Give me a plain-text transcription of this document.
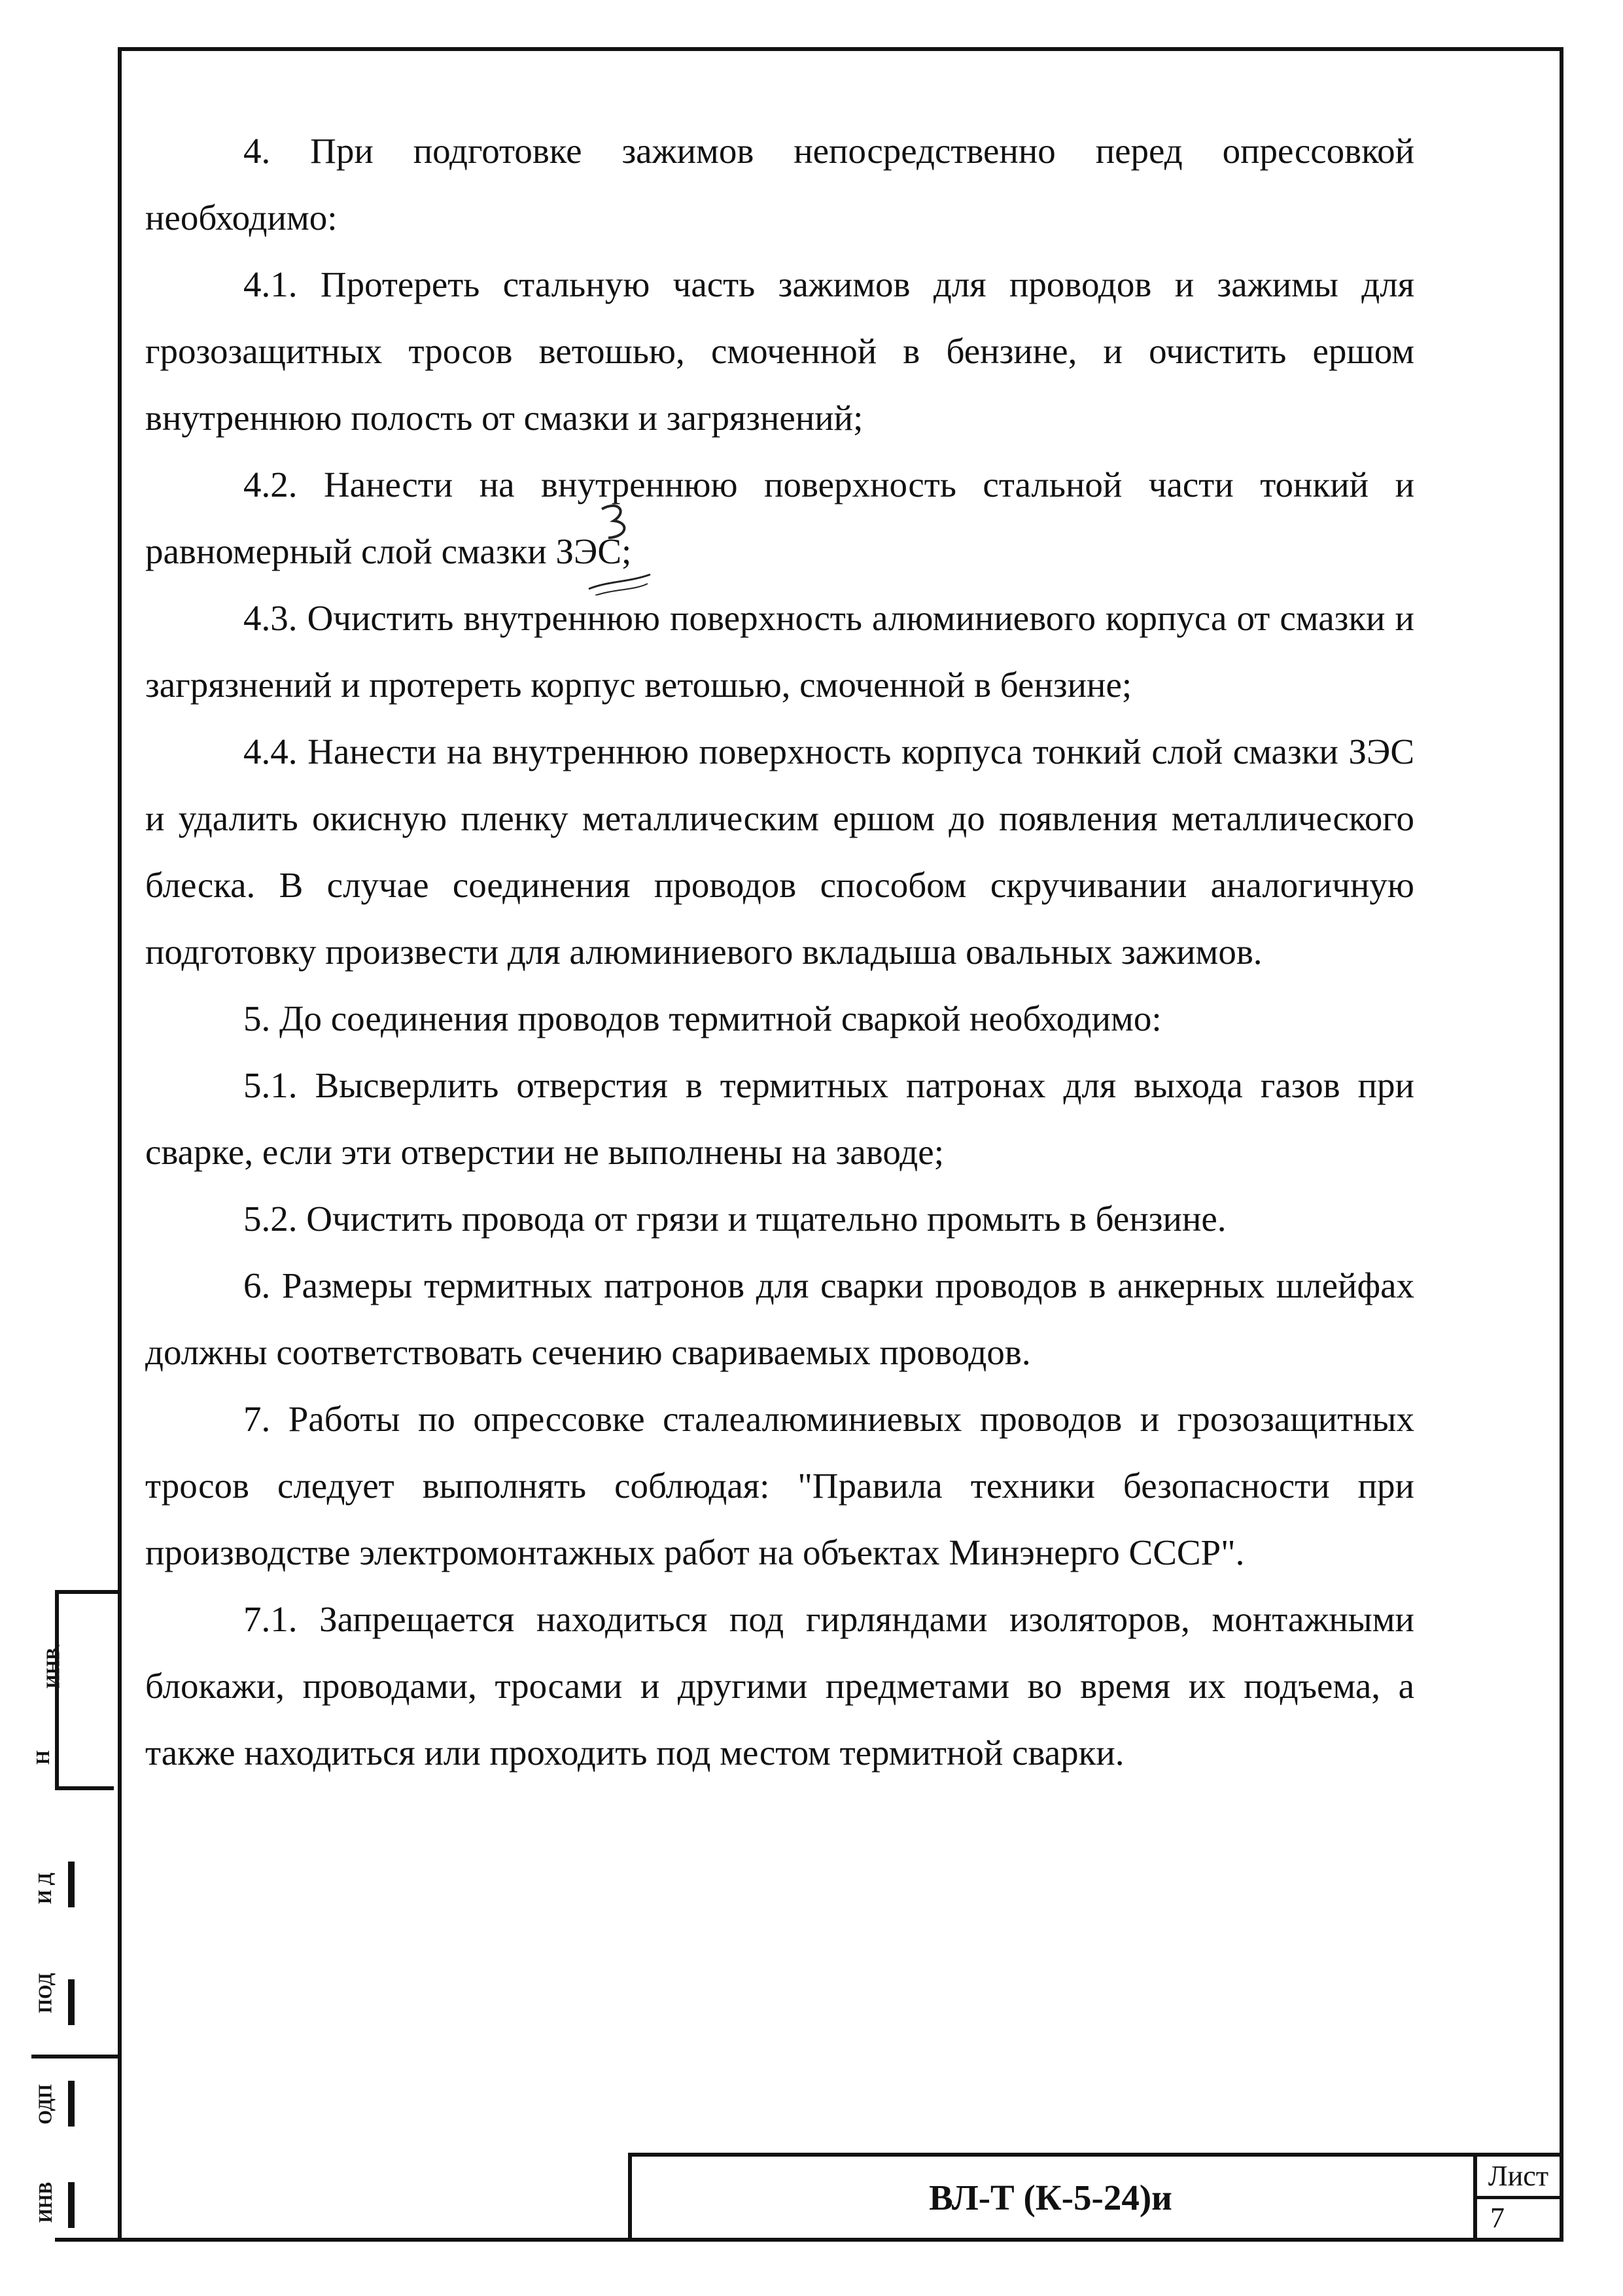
4. При подготовке зажимов непосредственно перед опрессовкой необходимо:

4.1. Протереть стальную часть зажимов для проводов и зажимы для грозозащитных тросов ветошью, смоченной в бензине, и очистить ершом внутреннюю полость от смазки и загрязнений;

4.2. Нанести на внутреннюю поверхность стальной части тонкий и равномерный слой смазки ЗЭС;

4.3. Очистить внутреннюю поверхность алюминиевого корпуса от смазки и загрязнений и протереть корпус ветошью, смоченной в бензине;

4.4. Нанести на внутреннюю поверхность корпуса тонкий слой смазки ЗЭС и удалить окисную пленку металлическим ершом до появления металлического блеска. В случае соединения проводов способом скручивании аналогичную подготовку произвести для алюминиевого вкладыша овальных зажимов.

5. До соединения проводов термитной сваркой необходимо:

5.1. Высверлить отверстия в термитных патронах для выхода газов при сварке, если эти отверстии не выполнены на заводе;

5.2. Очистить провода от грязи и тщательно промыть в бензине.

6. Размеры термитных патронов для сварки проводов в анкерных шлейфах должны соответствовать сечению свариваемых проводов.

7. Работы по опрессовке сталеалюминиевых проводов и грозозащитных тросов следует выполнять соблюдая: "Правила техники безопасности при производстве электромонтажных работ на объектах Минэнерго СССР".

7.1. Запрещается находиться под гирляндами изоляторов, монтажными блокажи, проводами, тросами и другими предметами во время их подъема, а также находиться или проходить под местом термитной сварки.

ИНВ.
Н
И Д
ПОД
ОДП
ИНВ	ВЛ-Т (К-5-24)и
Лист
7
